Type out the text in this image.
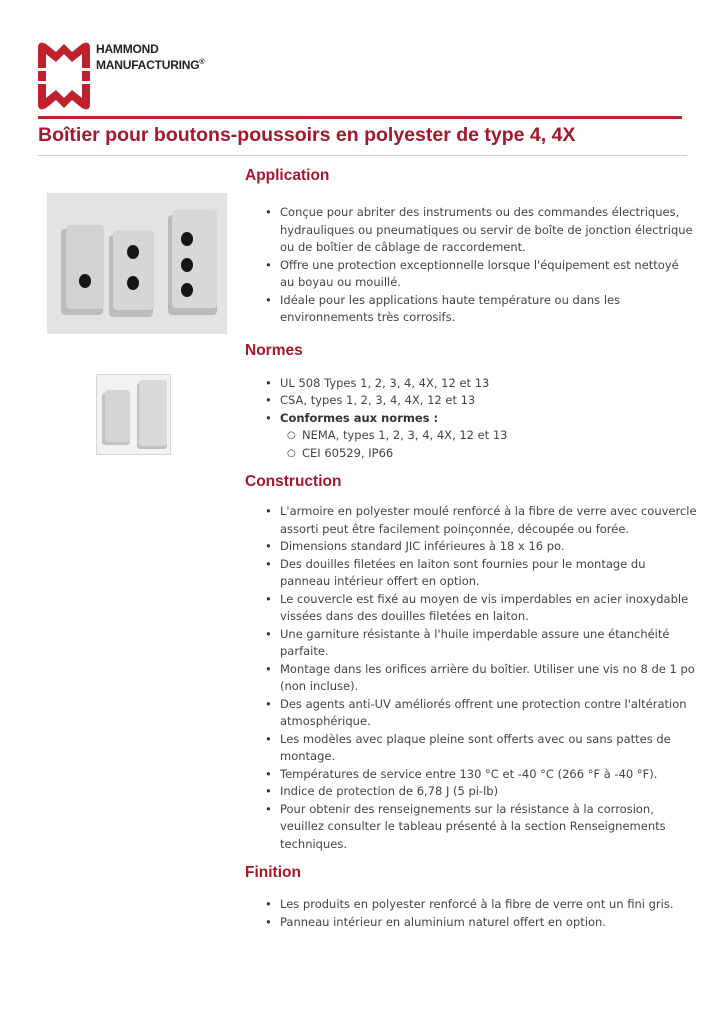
HAMMOND
MANUFACTURING®
Boîtier pour boutons-poussoirs en polyester de type 4, 4X
Application
• Conçue pour abriter des instruments ou des commandes électriques,
hydrauliques ou pneumatiques ou servir de boîte de jonction électrique
ou de boîtier de câblage de raccordement.
• Offre une protection exceptionnelle lorsque l'équipement est nettoyé
au boyau ou mouillé.
• Idéale pour les applications haute température ou dans les
environnements très corrosifs.
Normes
• UL 508 Types 1, 2, 3, 4, 4X, 12 et 13
• CSA, types 1, 2, 3, 4, 4X, 12 et 13
• Conformes aux normes :
○ NEMA, types 1, 2, 3, 4, 4X, 12 et 13
○ CEI 60529, IP66
Construction
• L'armoire en polyester moulé renforcé à la fibre de verre avec couvercle
assorti peut être facilement poinçonnée, découpée ou forée.
• Dimensions standard JIC inférieures à 18 x 16 po.
• Des douilles filetées en laiton sont fournies pour le montage du
panneau intérieur offert en option.
• Le couvercle est fixé au moyen de vis imperdables en acier inoxydable
vissées dans des douilles filetées en laiton.
• Une garniture résistante à l'huile imperdable assure une étanchéité
parfaite.
• Montage dans les orifices arrière du boîtier. Utiliser une vis no 8 de 1 po
(non incluse).
• Des agents anti-UV améliorés offrent une protection contre l'altération
atmosphérique.
• Les modèles avec plaque pleine sont offerts avec ou sans pattes de
montage.
• Températures de service entre 130 °C et -40 °C (266 °F à -40 °F).
• Indice de protection de 6,78 J (5 pi-lb)
• Pour obtenir des renseignements sur la résistance à la corrosion,
veuillez consulter le tableau présenté à la section Renseignements
techniques.
Finition
• Les produits en polyester renforcé à la fibre de verre ont un fini gris.
• Panneau intérieur en aluminium naturel offert en option.
